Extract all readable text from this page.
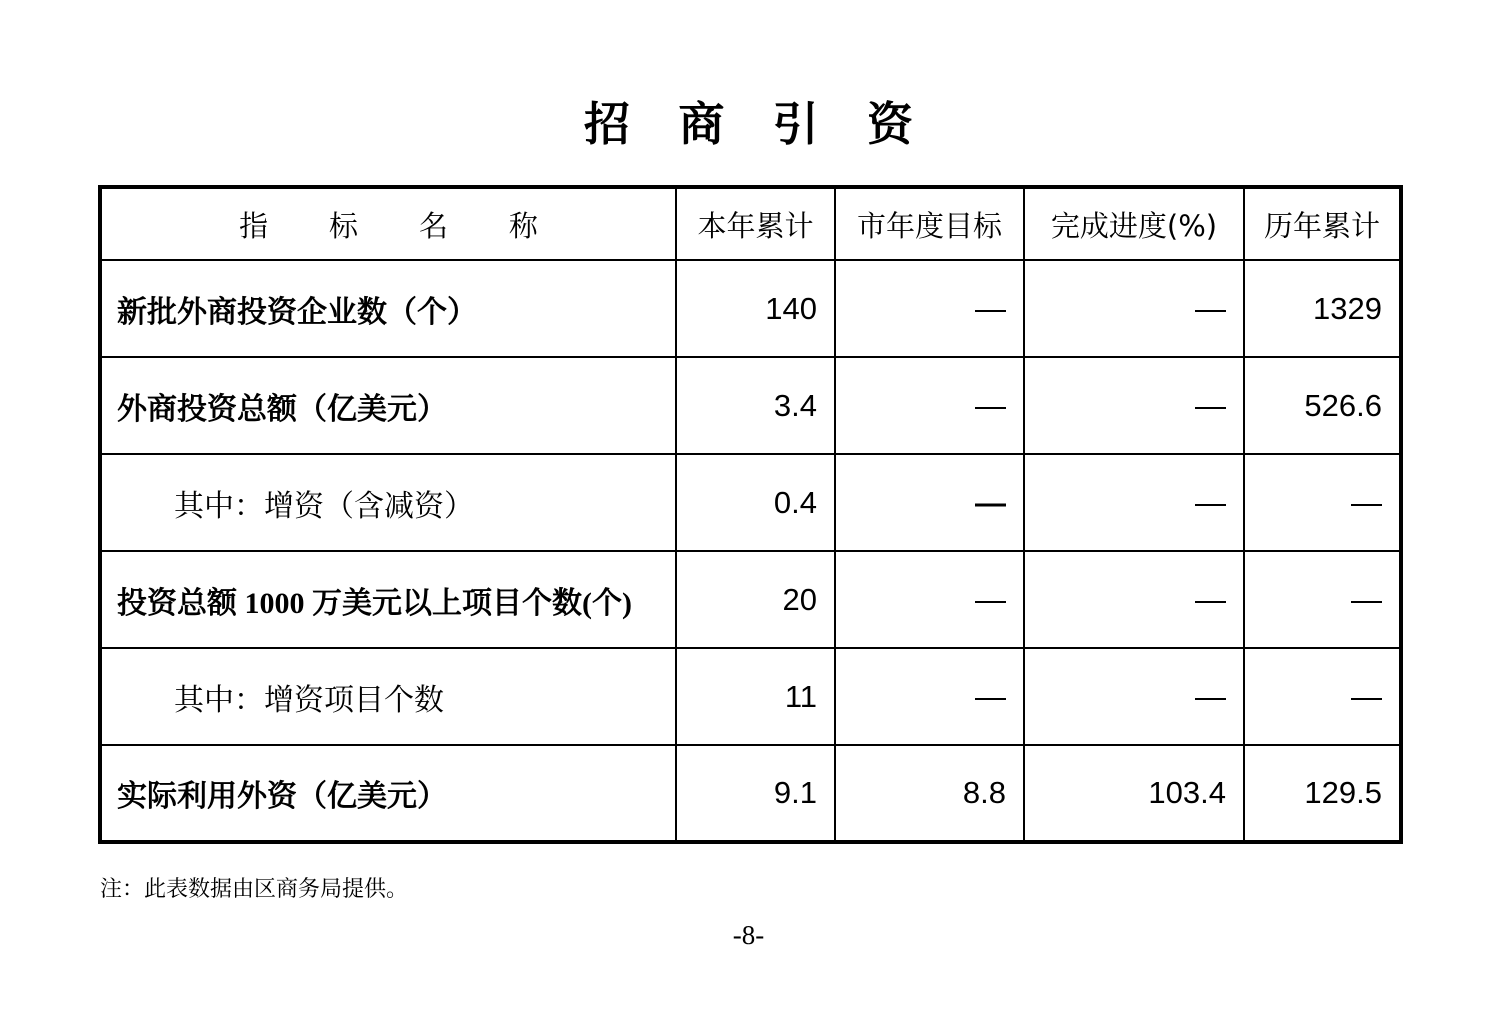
招商引资
指标名称	本年累计	市年度目标	完成进度(%)	历年累计
新批外商投资企业数（个）	140	—	—	1329
外商投资总额（亿美元）	3.4	—	—	526.6
其中：增资（含减资）	0.4	—	—	—
投资总额 1000 万美元以上项目个数(个)	20	—	—	—
其中：增资项目个数	11	—	—	—
实际利用外资（亿美元）	9.1	8.8	103.4	129.5
注：此表数据由区商务局提供。
-8-
